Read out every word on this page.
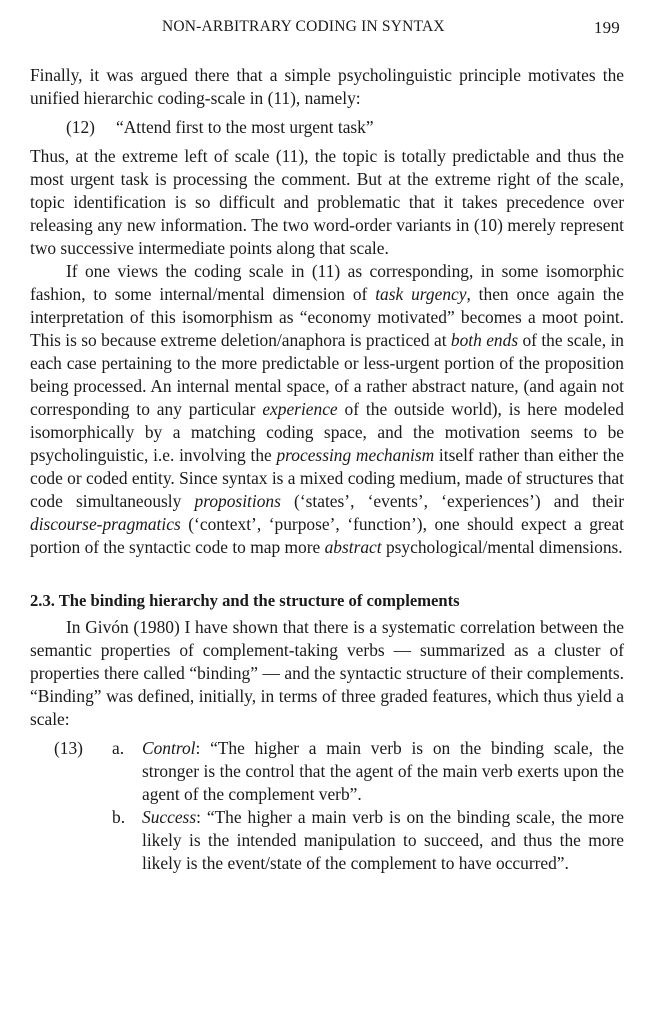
NON-ARBITRARY CODING IN SYNTAX	199

Finally, it was argued there that a simple psycholinguistic principle motivates the unified hierarchic coding-scale in (11), namely:

(12) “Attend first to the most urgent task”

Thus, at the extreme left of scale (11), the topic is totally predictable and thus the most urgent task is processing the comment. But at the extreme right of the scale, topic identification is so difficult and problematic that it takes precedence over releasing any new information. The two word-order variants in (10) merely represent two successive intermediate points along that scale.

If one views the coding scale in (11) as corresponding, in some isomorphic fashion, to some internal/mental dimension of task urgency, then once again the interpretation of this isomorphism as “economy motivated” becomes a moot point. This is so because extreme deletion/anaphora is practiced at both ends of the scale, in each case pertaining to the more predictable or less-urgent portion of the proposition being processed. An internal mental space, of a rather abstract nature, (and again not corresponding to any particular experience of the outside world), is here modeled isomorphically by a matching coding space, and the motivation seems to be psycholinguistic, i.e. involving the processing mechanism itself rather than either the code or coded entity. Since syntax is a mixed coding medium, made of structures that code simultaneously propositions (‘states’, ‘events’, ‘experiences’) and their discourse-pragmatics (‘context’, ‘purpose’, ‘function’), one should expect a great portion of the syntactic code to map more abstract psychological/mental dimensions.

2.3. The binding hierarchy and the structure of complements

In Givón (1980) I have shown that there is a systematic correlation between the semantic properties of complement-taking verbs — summarized as a cluster of properties there called “binding” — and the syntactic structure of their complements. “Binding” was defined, initially, in terms of three graded features, which thus yield a scale:

(13)	a.	Control: “The higher a main verb is on the binding scale, the stronger is the control that the agent of the main verb exerts upon the agent of the complement verb”.
b. Success: “The higher a main verb is on the binding scale, the more likely is the intended manipulation to succeed, and thus the more likely is the event/state of the complement to have occurred”.
